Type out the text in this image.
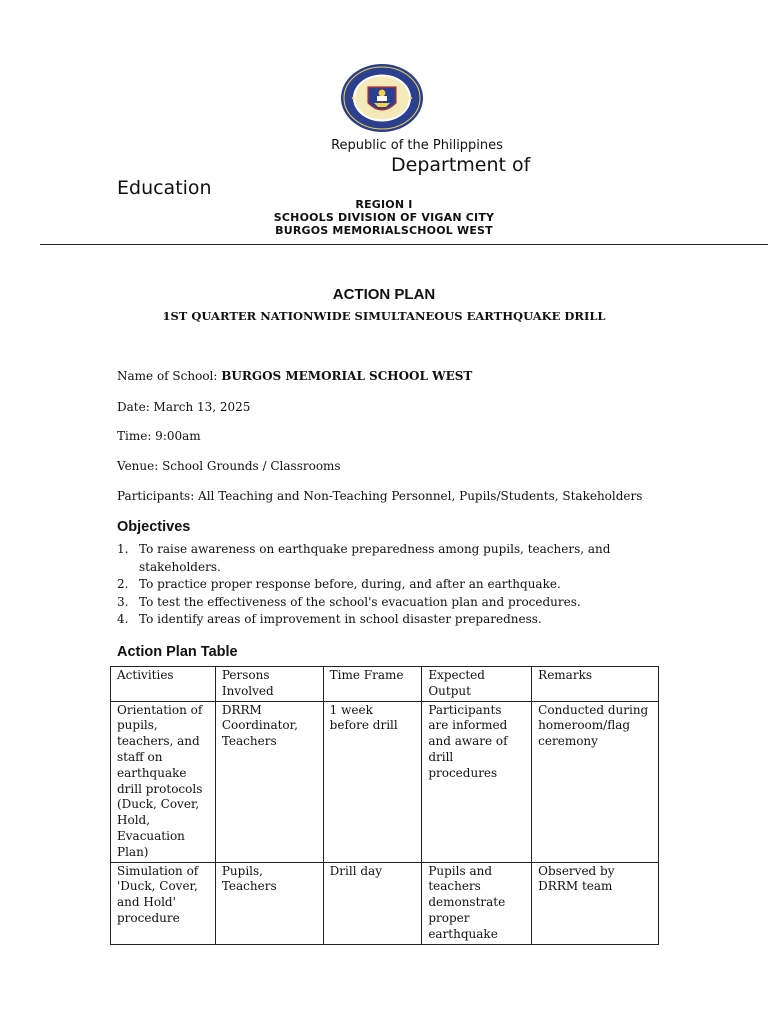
Republic of the Philippines
Department of
Education
REGION I
SCHOOLS DIVISION OF VIGAN CITY
BURGOS MEMORIALSCHOOL WEST
ACTION PLAN
1ST QUARTER NATIONWIDE SIMULTANEOUS EARTHQUAKE DRILL
Name of School: BURGOS MEMORIAL SCHOOL WEST
Date: March 13, 2025
Time: 9:00am
Venue: School Grounds / Classrooms
Participants: All Teaching and Non-Teaching Personnel, Pupils/Students, Stakeholders
Objectives
1. To raise awareness on earthquake preparedness among pupils, teachers, and stakeholders.
2. To practice proper response before, during, and after an earthquake.
3. To test the effectiveness of the school's evacuation plan and procedures.
4. To identify areas of improvement in school disaster preparedness.
Action Plan Table
Activities	Persons Involved	Time Frame	Expected Output	Remarks
Orientation of pupils, teachers, and staff on earthquake drill protocols (Duck, Cover, Hold, Evacuation Plan)	DRRM Coordinator, Teachers	1 week before drill	Participants are informed and aware of drill procedures	Conducted during homeroom/flag ceremony
Simulation of 'Duck, Cover, and Hold' procedure	Pupils, Teachers	Drill day	Pupils and teachers demonstrate proper earthquake	Observed by DRRM team
